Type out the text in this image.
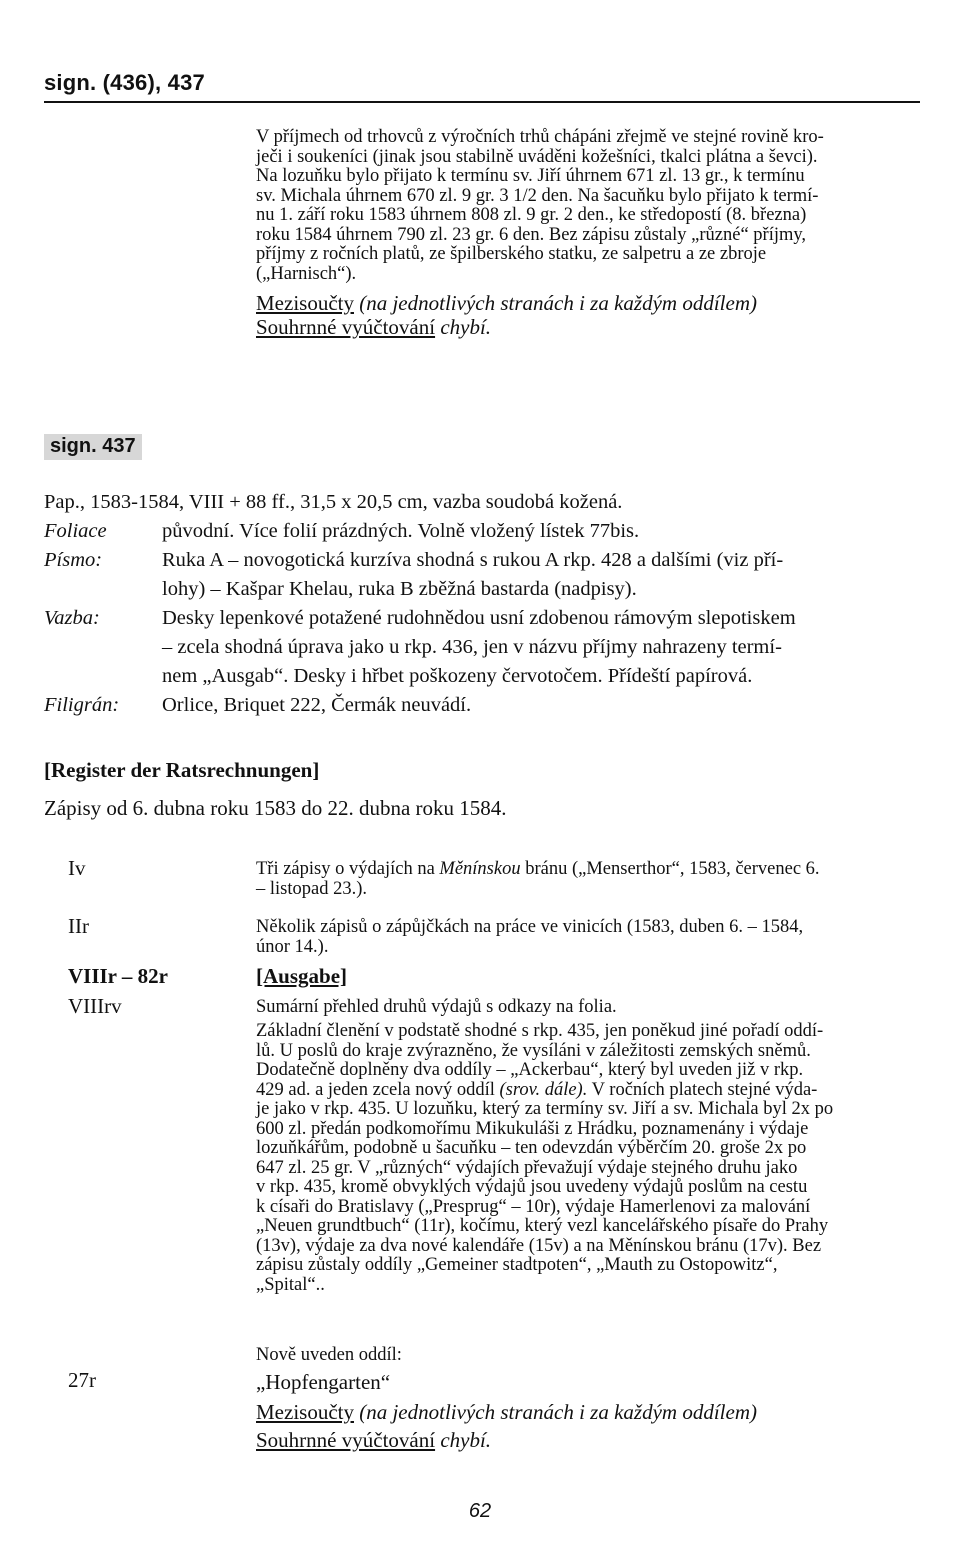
sign. (436), 437

V příjmech od trhovců z výročních trhů chápáni zřejmě ve stejné rovině kro-

ječi i soukeníci (jinak jsou stabilně uváděni kožešníci, tkalci plátna a ševci).

Na lozuňku bylo přijato k termínu sv. Jiří úhrnem 671 zl. 13 gr., k termínu

sv. Michala úhrnem 670 zl. 9 gr. 3 1/2 den. Na šacuňku bylo přijato k termí-

nu 1. září roku 1583 úhrnem 808 zl. 9 gr. 2 den., ke středopostí (8. března)

roku 1584 úhrnem 790 zl. 23 gr. 6 den. Bez zápisu zůstaly „různé“ příjmy,

příjmy z ročních platů, ze špilberského statku, ze salpetru a ze zbroje

(„Harnisch“).

Mezisoučty (na jednotlivých stranách i za každým oddílem)

Souhrnné vyúčtování chybí.

sign. 437
Pap., 1583-1584, VIII + 88 ff., 31,5 x 20,5 cm, vazba soudobá kožená.
Foliace	původní. Více folií prázdných. Volně vložený lístek 77bis.
Písmo:	Ruka A – novogotická kurzíva shodná s rukou A rkp. 428 a dalšími (viz pří-
lohy) – Kašpar Khelau, ruka B zběžná bastarda (nadpisy).
Vazba:	Desky lepenkové potažené rudohnědou usní zdobenou rámovým slepotiskem
– zcela shodná úprava jako u rkp. 436, jen v názvu příjmy nahrazeny termí-
nem „Ausgab“. Desky i hřbet poškozeny červotočem. Přídeští papírová.
Filigrán:	Orlice, Briquet 222, Čermák neuvádí.
[Register der Ratsrechnungen]
Zápisy od 6. dubna roku 1583 do 22. dubna roku 1584.
Iv	Tři zápisy o výdajích na Měnínskou bránu („Menserthor“, 1583, červenec 6.
– listopad 23.).
IIr	Několik zápisů o zápůjčkách na práce ve vinicích (1583, duben 6. – 1584,
únor 14.).
VIIIr – 82r	[Ausgabe]
VIIIrv	Sumární přehled druhů výdajů s odkazy na folia.
Základní členění v podstatě shodné s rkp. 435, jen poněkud jiné pořadí oddí-
lů. U poslů do kraje zvýrazněno, že vysíláni v záležitosti zemských sněmů.
Dodatečně doplněny dva oddíly – „Ackerbau“, který byl uveden již v rkp.
429 ad. a jeden zcela nový oddíl (srov. dále). V ročních platech stejné výda-
je jako v rkp. 435. U lozuňku, který za termíny sv. Jiří a sv. Michala byl 2x po
600 zl. předán podkomořímu Mikukuláši z Hrádku, poznamenány i výdaje
lozuňkářům, podobně u šacuňku – ten odevzdán výběrčím 20. groše 2x po
647 zl. 25 gr. V „různých“ výdajích převažují výdaje stejného druhu jako
v rkp. 435, kromě obvyklých výdajů jsou uvedeny výdajů poslům na cestu
k císaři do Bratislavy („Presprug“ – 10r), výdaje Hamerlenovi za malování
„Neuen grundtbuch“ (11r), kočímu, který vezl kancelářského písaře do Prahy
(13v), výdaje za dva nové kalendáře (15v) a na Měnínskou bránu (17v). Bez
zápisu zůstaly oddíly „Gemeiner stadtpoten“, „Mauth zu Ostopowitz“,
„Spital“..
Nově uveden oddíl:
27r	„Hopfengarten“
Mezisoučty (na jednotlivých stranách i za každým oddílem)
Souhrnné vyúčtování chybí.
62
